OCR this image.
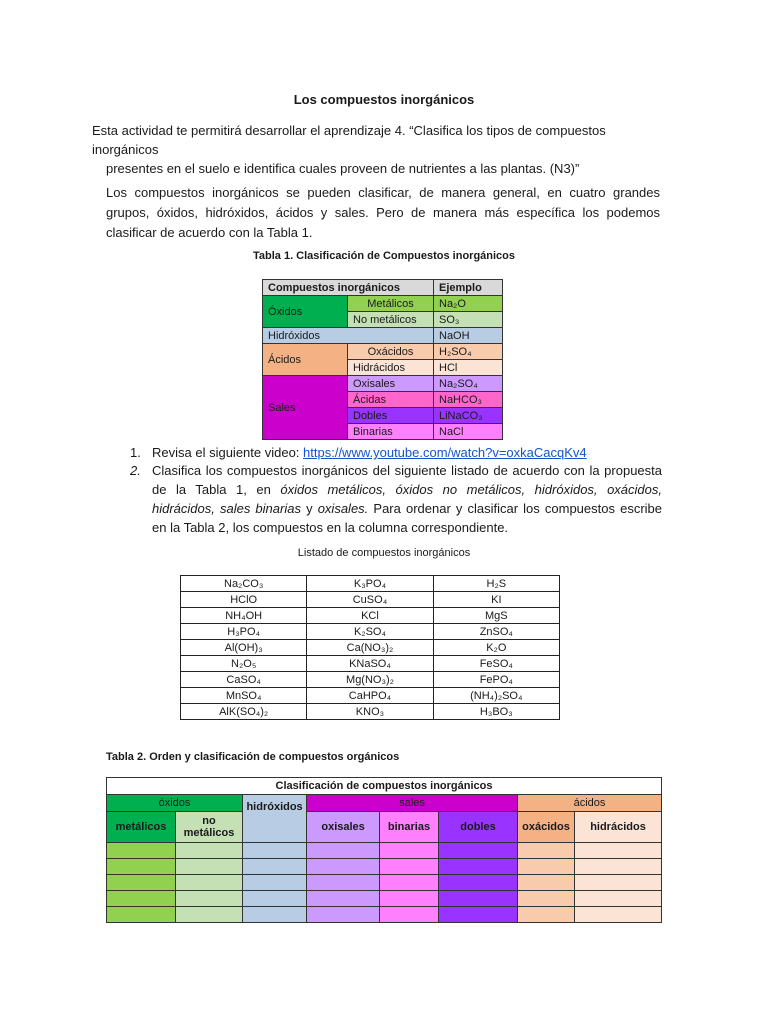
Los compuestos inorgánicos
Esta actividad te permitirá desarrollar el aprendizaje 4. “Clasifica los tipos de compuestos inorgánicos
presentes en el suelo e identifica cuales proveen de nutrientes a las plantas. (N3)”
Los compuestos inorgánicos se pueden clasificar, de manera general, en cuatro grandes grupos, óxidos, hidróxidos, ácidos y sales. Pero de manera más específica los podemos clasificar de acuerdo con la Tabla 1.
Tabla 1. Clasificación de Compuestos inorgánicos
Compuestos inorgánicos		Ejemplo
Óxidos	Metálicos	Na₂O
	No metálicos	SO₃
Hidróxidos		NaOH
Ácidos	Oxácidos	H₂SO₄
	Hidrácidos	HCl
Sales	Oxisales	Na₂SO₄
	Ácidas	NaHCO₃
	Dobles	LiNaCO₃
	Binarias	NaCl
1. Revisa el siguiente video: https://www.youtube.com/watch?v=oxkaCacqKv4
2. Clasifica los compuestos inorgánicos del siguiente listado de acuerdo con la propuesta de la Tabla 1, en óxidos metálicos, óxidos no metálicos, hidróxidos, oxácidos, hidrácidos, sales binarias y oxisales. Para ordenar y clasificar los compuestos escribe en la Tabla 2, los compuestos en la columna correspondiente.
Listado de compuestos inorgánicos
Na₂CO₃	K₃PO₄	H₂S
HClO	CuSO₄	KI
NH₄OH	KCl	MgS
H₃PO₄	K₂SO₄	ZnSO₄
Al(OH)₃	Ca(NO₃)₂	K₂O
N₂O₅	KNaSO₄	FeSO₄
CaSO₄	Mg(NO₃)₂	FePO₄
MnSO₄	CaHPO₄	(NH₄)₂SO₄
AlK(SO₄)₂	KNO₃	H₃BO₃
Tabla 2. Orden y clasificación de compuestos orgánicos
Clasificación de compuestos inorgánicos							
óxidos		hidróxidos	sales			ácidos	
metálicos	no metálicos		oxisales	binarias	dobles	oxácidos	hidrácidos
